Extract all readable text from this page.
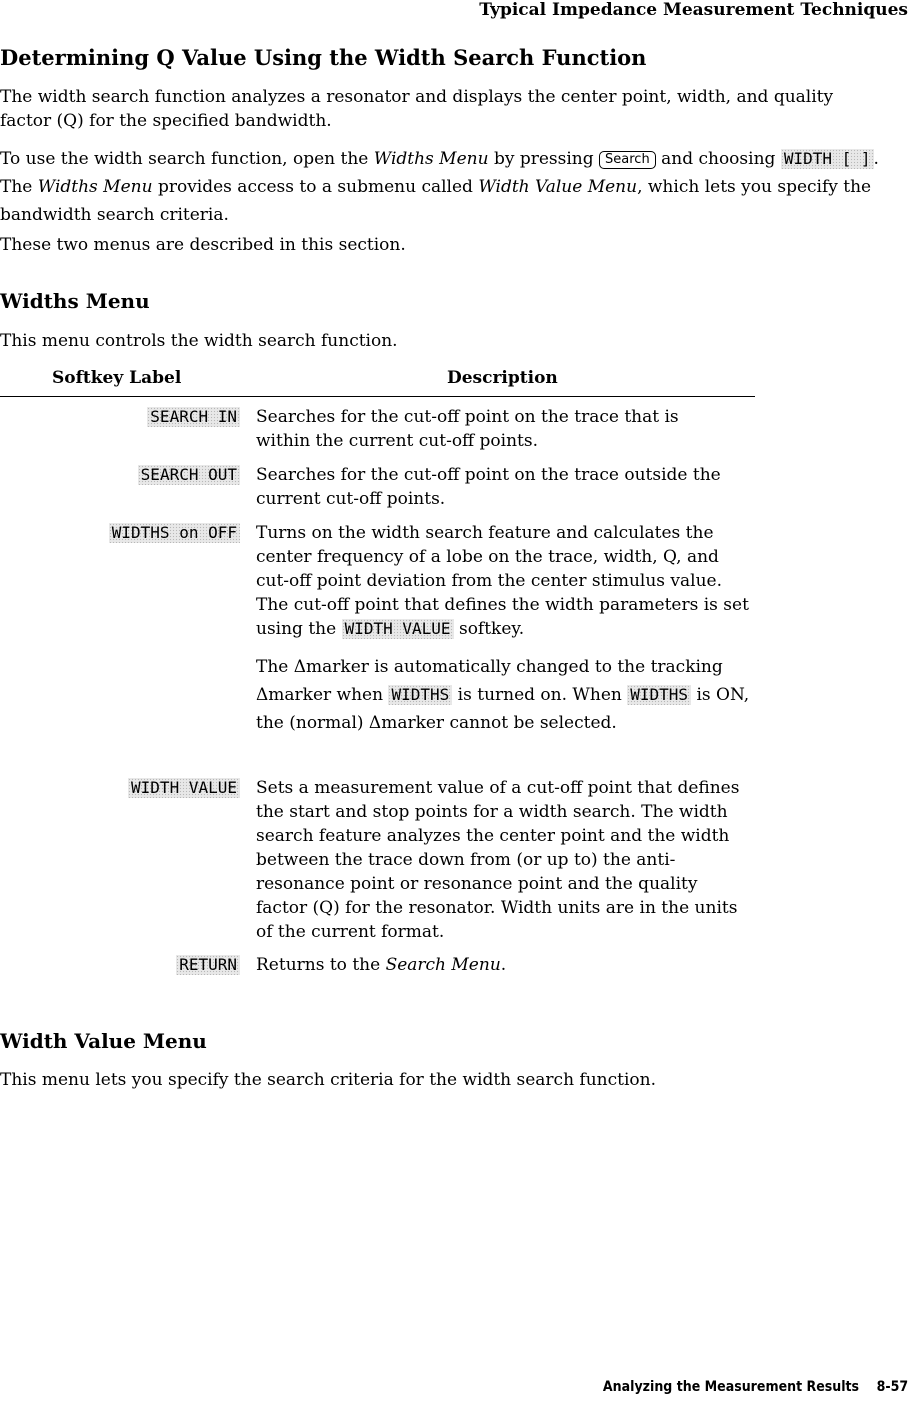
Typical Impedance Measurement Techniques
Determining Q Value Using the Width Search Function

The width search function analyzes a resonator and displays the center point, width, and quality factor (Q) for the specified bandwidth.

To use the width search function, open the Widths Menu by pressing Search and choosing WIDTH [ ] . The Widths Menu provides access to a submenu called Width Value Menu, which lets you specify the bandwidth search criteria.

These two menus are described in this section.

Widths Menu

This menu controls the width search function.

Softkey Label	Description
SEARCH IN Searches for the cut-off point on the trace that is within the current cut-off points.
SEARCH OUT Searches for the cut-off point on the trace outside the current cut-off points.
WIDTHS on OFF Turns on the width search feature and calculates the center frequency of a lobe on the trace, width, Q, and cut-off point deviation from the center stimulus value. The cut-off point that defines the width parameters is set using the WIDTH VALUE softkey.

The Δmarker is automatically changed to the tracking Δmarker when WIDTHS is turned on. When WIDTHS is ON, the (normal) Δmarker cannot be selected.

WIDTH VALUE Sets a measurement value of a cut-off point that defines the start and stop points for a width search. The width search feature analyzes the center point and the width between the trace down from (or up to) the anti-resonance point or resonance point and the quality factor (Q) for the resonator. Width units are in the units of the current format.
RETURN Returns to the Search Menu.
Width Value Menu

This menu lets you specify the search criteria for the width search function.

Analyzing the Measurement Results 8-57
